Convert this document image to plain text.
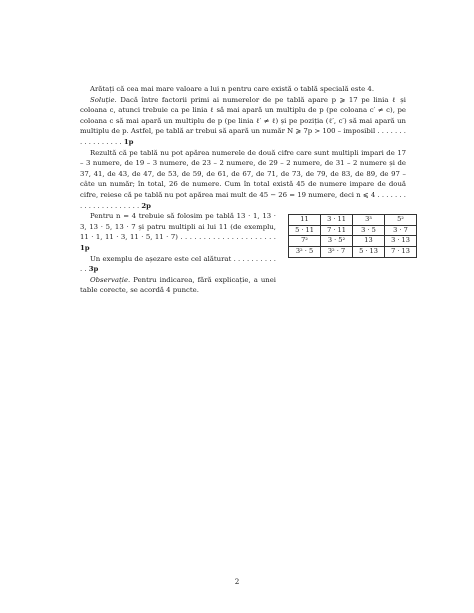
Arătați că cea mai mare valoare a lui n pentru care există o tablă specială este 4.

Soluție. Dacă între factorii primi ai numerelor de pe tablă apare p ⩾ 17 pe linia ℓ și coloana c, atunci trebuie ca pe linia ℓ să mai apară un multiplu de p (pe coloana c′ ≠ c), pe coloana c să mai apară un multiplu de p (pe linia ℓ′ ≠ ℓ) și pe poziția (ℓ′, c′) să mai apară un multiplu de p. Astfel, pe tablă ar trebui să apară un număr N ⩾ 7p > 100 – imposibil . . . . . . . . . . . . . . . . . 1p

Rezultă că pe tablă nu pot apărea numerele de două cifre care sunt multipli impari de 17 – 3 numere, de 19 – 3 numere, de 23 – 2 numere, de 29 – 2 numere, de 31 – 2 numere și de 37, 41, de 43, de 47, de 53, de 59, de 61, de 67, de 71, de 73, de 79, de 83, de 89, de 97 – câte un număr; în total, 26 de numere. Cum în total există 45 de numere impare de două cifre, reiese că pe tablă nu pot apărea mai mult de 45 − 26 = 19 numere, deci n ⩽ 4 . . . . . . . . . . . . . . . . . . . . . 2p

Pentru n = 4 trebuie să folosim pe tablă 13 · 1, 13 · 3, 13 · 5, 13 · 7 și patru multipli ai lui 11 (de exemplu, 11 · 1, 11 · 3, 11 · 5, 11 · 7) . . . . . . . . . . . . . . . . . . . . . 1p

Un exemplu de așezare este cel alăturat . . . . . . . . . . . . 3p

Observație. Pentru indicarea, fără explicație, a unei table corecte, se acordă 4 puncte.

11	3 · 11	3³	5²
5 · 11	7 · 11	3 · 5	3 · 7
7²	3 · 5²	13	3 · 13
3² · 5	3² · 7	5 · 13	7 · 13
2
